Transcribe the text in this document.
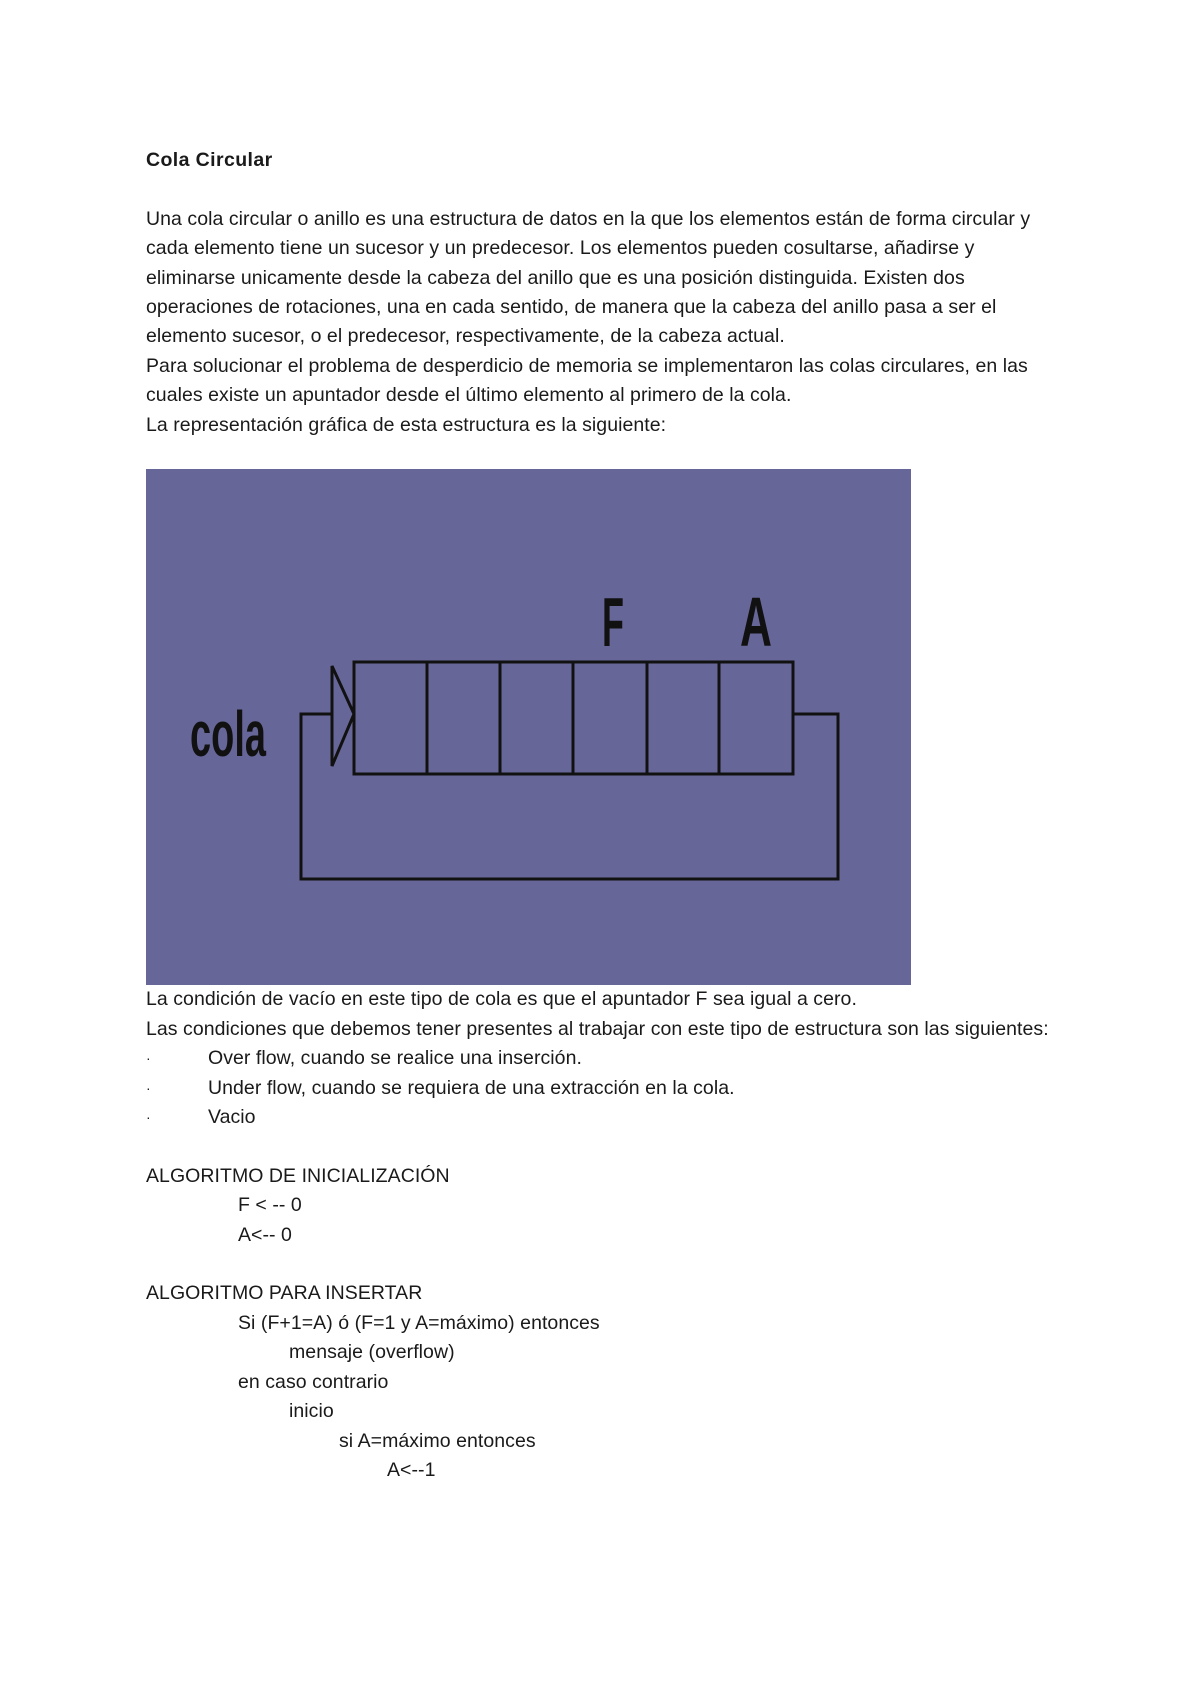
Cola Circular

Una cola circular o anillo es una estructura de datos en la que los elementos están de forma circular y cada elemento tiene un sucesor y un predecesor. Los elementos pueden cosultarse, añadirse y eliminarse unicamente desde la cabeza del anillo que es una posición distinguida. Existen dos operaciones de rotaciones, una en cada sentido, de manera que la cabeza del anillo pasa a ser el elemento sucesor, o el predecesor, respectivamente, de la cabeza actual.

Para solucionar el problema de desperdicio de memoria se implementaron las colas circulares, en las cuales existe un apuntador desde el último elemento al primero de la cola.

La representación gráfica de esta estructura es la siguiente:

cola
F A

La condición de vacío en este tipo de cola es que el apuntador F sea igual a cero.

Las condiciones que debemos tener presentes al trabajar con este tipo de estructura son las siguientes:

·	Over flow, cuando se realice una inserción.
·	Under flow, cuando se requiera de una extracción en la cola.
·	Vacio

ALGORITMO DE INICIALIZACIÓN

F < -- 0

A<-- 0

ALGORITMO PARA INSERTAR

Si (F+1=A) ó (F=1 y A=máximo) entonces

mensaje (overflow)

en caso contrario

inicio

si A=máximo entonces

A<--1
